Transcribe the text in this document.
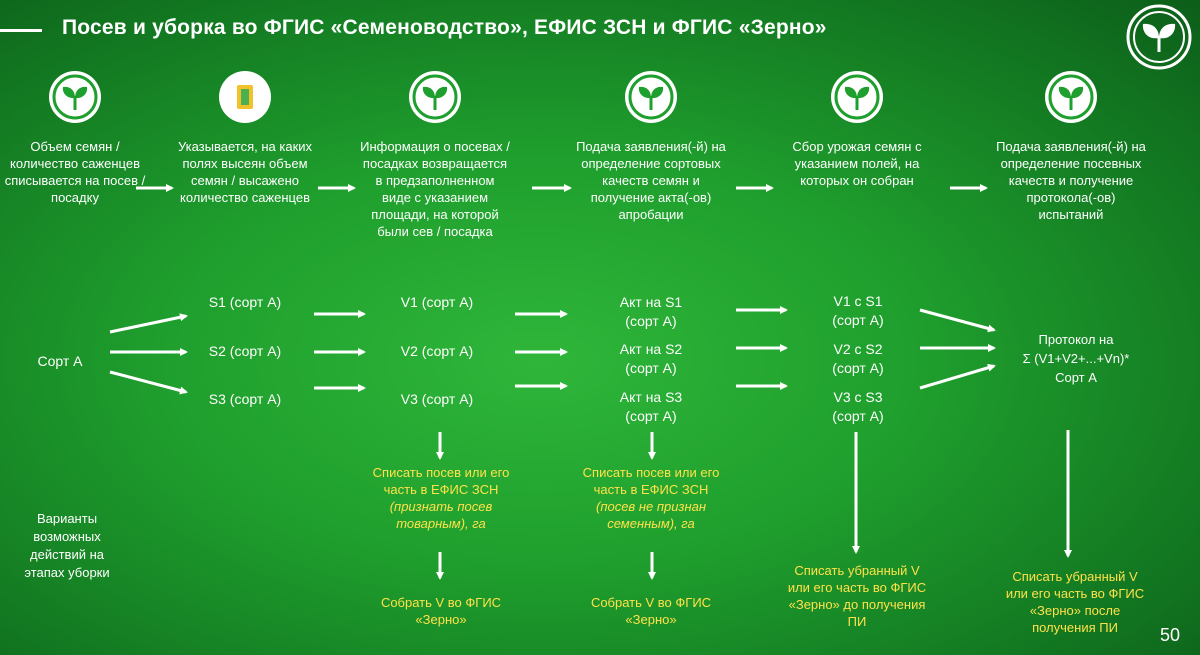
Посев и уборка во ФГИС «Семеноводство», ЕФИС ЗСН и ФГИС «Зерно»
Объем семян / количество саженцев списывается на посев / посадку
Указывается, на каких полях высеян объем семян / высажено количество саженцев
Информация о посевах / посадках возвращается в предзаполненном виде с указанием площади, на которой были сев / посадка
Подача заявления(-й) на определение сортовых качеств семян и получение акта(-ов) апробации
Сбор урожая семян с указанием полей, на которых он собран
Подача заявления(-й) на определение посевных качеств и получение протокола(-ов) испытаний
Сорт А
S1 (сорт А)
S2 (сорт А)
S3 (сорт А)
V1 (сорт А)
V2 (сорт А)
V3 (сорт А)
Акт на S1
(сорт А)
Акт на S2
(сорт А)
Акт на S3
(сорт А)
V1 с S1
(сорт А)
V2 с S2
(сорт А)
V3 с S3
(сорт А)
Протокол на
Σ (V1+V2+...+Vn)*
Сорт А
Варианты возможных действий на этапах уборки
Списать посев или его часть в ЕФИС ЗСН
(признать посев товарным), га
Собрать V во ФГИС «Зерно»
Списать посев или его часть в ЕФИС ЗСН
(посев не признан семенным), га
Собрать V во ФГИС «Зерно»
Списать убранный V или его часть во ФГИС «Зерно» до получения ПИ
Списать убранный V или его часть во ФГИС «Зерно» после получения ПИ	50
